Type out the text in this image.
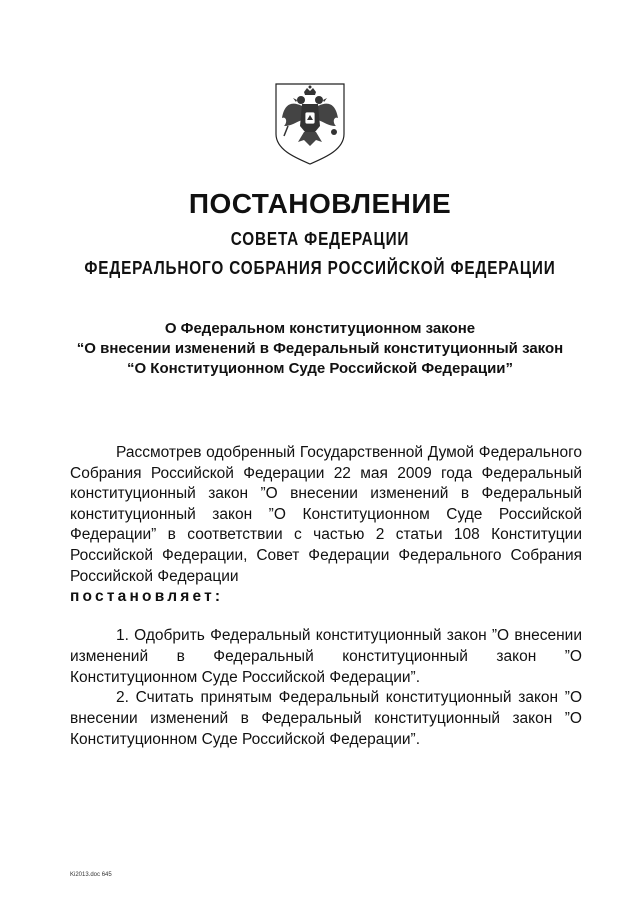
ПОСТАНОВЛЕНИЕ
СОВЕТА ФЕДЕРАЦИИ
ФЕДЕРАЛЬНОГО СОБРАНИЯ РОССИЙСКОЙ ФЕДЕРАЦИИ
О Федеральном конституционном законе
“О внесении изменений в Федеральный конституционный закон
“О Конституционном Суде Российской Федерации”

Рассмотрев одобренный Государственной Думой Федерального Собрания Российской Федерации 22 мая 2009 года Федеральный конституционный закон ”О внесении изменений в Федеральный конституционный закон ”О Конституционном Суде Российской Федерации” в соответствии с частью 2 статьи 108 Конституции Российской Федерации, Совет Федерации Федерального Собрания Российской Федерации

постановляет:

1. Одобрить Федеральный конституционный закон ”О внесении изменений в Федеральный конституционный закон ”О Конституционном Суде Российской Федерации”.

2. Считать принятым Федеральный конституционный закон ”О внесении изменений в Федеральный конституционный закон ”О Конституционном Суде Российской Федерации”.

Ki2013.doc 645
